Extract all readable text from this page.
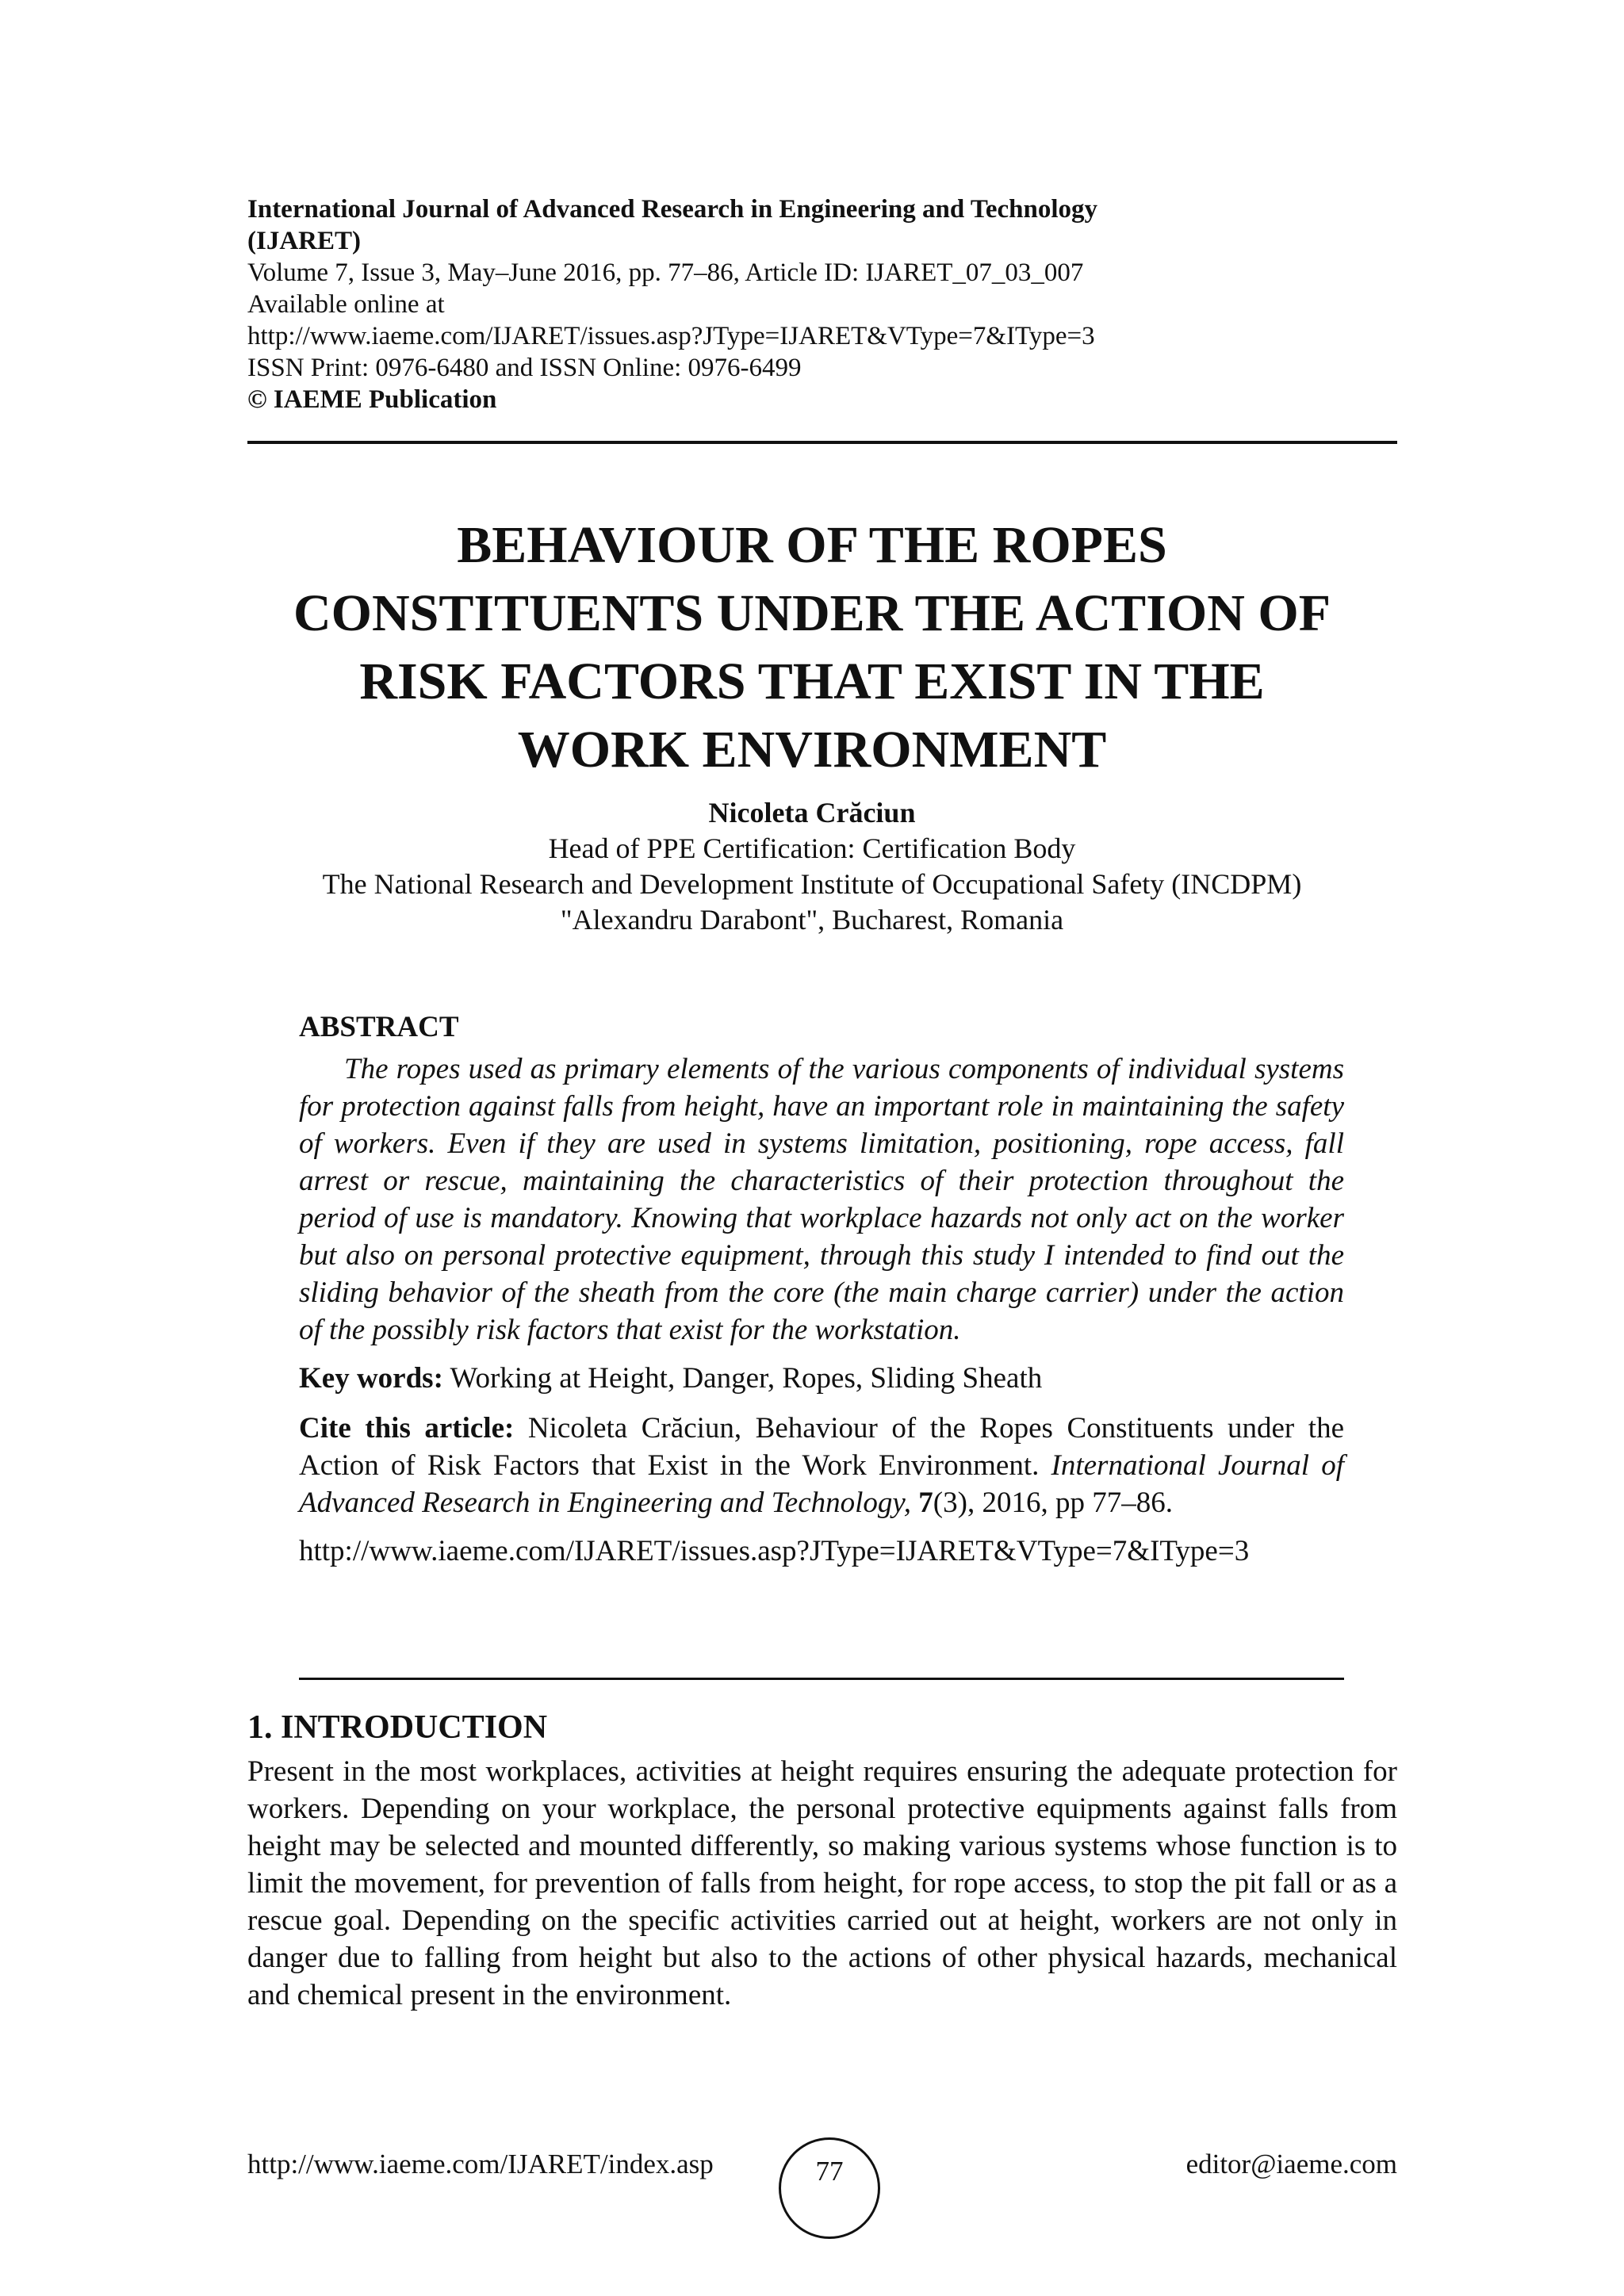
International Journal of Advanced Research in Engineering and Technology
(IJARET)
Volume 7, Issue 3, May–June 2016, pp. 77–86, Article ID: IJARET_07_03_007
Available online at
http://www.iaeme.com/IJARET/issues.asp?JType=IJARET&VType=7&IType=3
ISSN Print: 0976-6480 and ISSN Online: 0976-6499
© IAEME Publication
BEHAVIOUR OF THE ROPES
CONSTITUENTS UNDER THE ACTION OF
RISK FACTORS THAT EXIST IN THE
WORK ENVIRONMENT
Nicoleta Crăciun
Head of PPE Certification: Certification Body
The National Research and Development Institute of Occupational Safety (INCDPM)
"Alexandru Darabont", Bucharest, Romania
ABSTRACT
The ropes used as primary elements of the various components of individual systems for protection against falls from height, have an important role in maintaining the safety of workers. Even if they are used in systems limitation, positioning, rope access, fall arrest or rescue, maintaining the characteristics of their protection throughout the period of use is mandatory. Knowing that workplace hazards not only act on the worker but also on personal protective equipment, through this study I intended to find out the sliding behavior of the sheath from the core (the main charge carrier) under the action of the possibly risk factors that exist for the workstation.
Key words: Working at Height, Danger, Ropes, Sliding Sheath
Cite this article: Nicoleta Crăciun, Behaviour of the Ropes Constituents under the Action of Risk Factors that Exist in the Work Environment. International Journal of Advanced Research in Engineering and Technology, 7(3), 2016, pp 77–86.
http://www.iaeme.com/IJARET/issues.asp?JType=IJARET&VType=7&IType=3
1. INTRODUCTION
Present in the most workplaces, activities at height requires ensuring the adequate protection for workers. Depending on your workplace, the personal protective equipments against falls from height may be selected and mounted differently, so making various systems whose function is to limit the movement, for prevention of falls from height, for rope access, to stop the pit fall or as a rescue goal. Depending on the specific activities carried out at height, workers are not only in danger due to falling from height but also to the actions of other physical hazards, mechanical and chemical present in the environment.
http://www.iaeme.com/IJARET/index.asp	77	editor@iaeme.com
